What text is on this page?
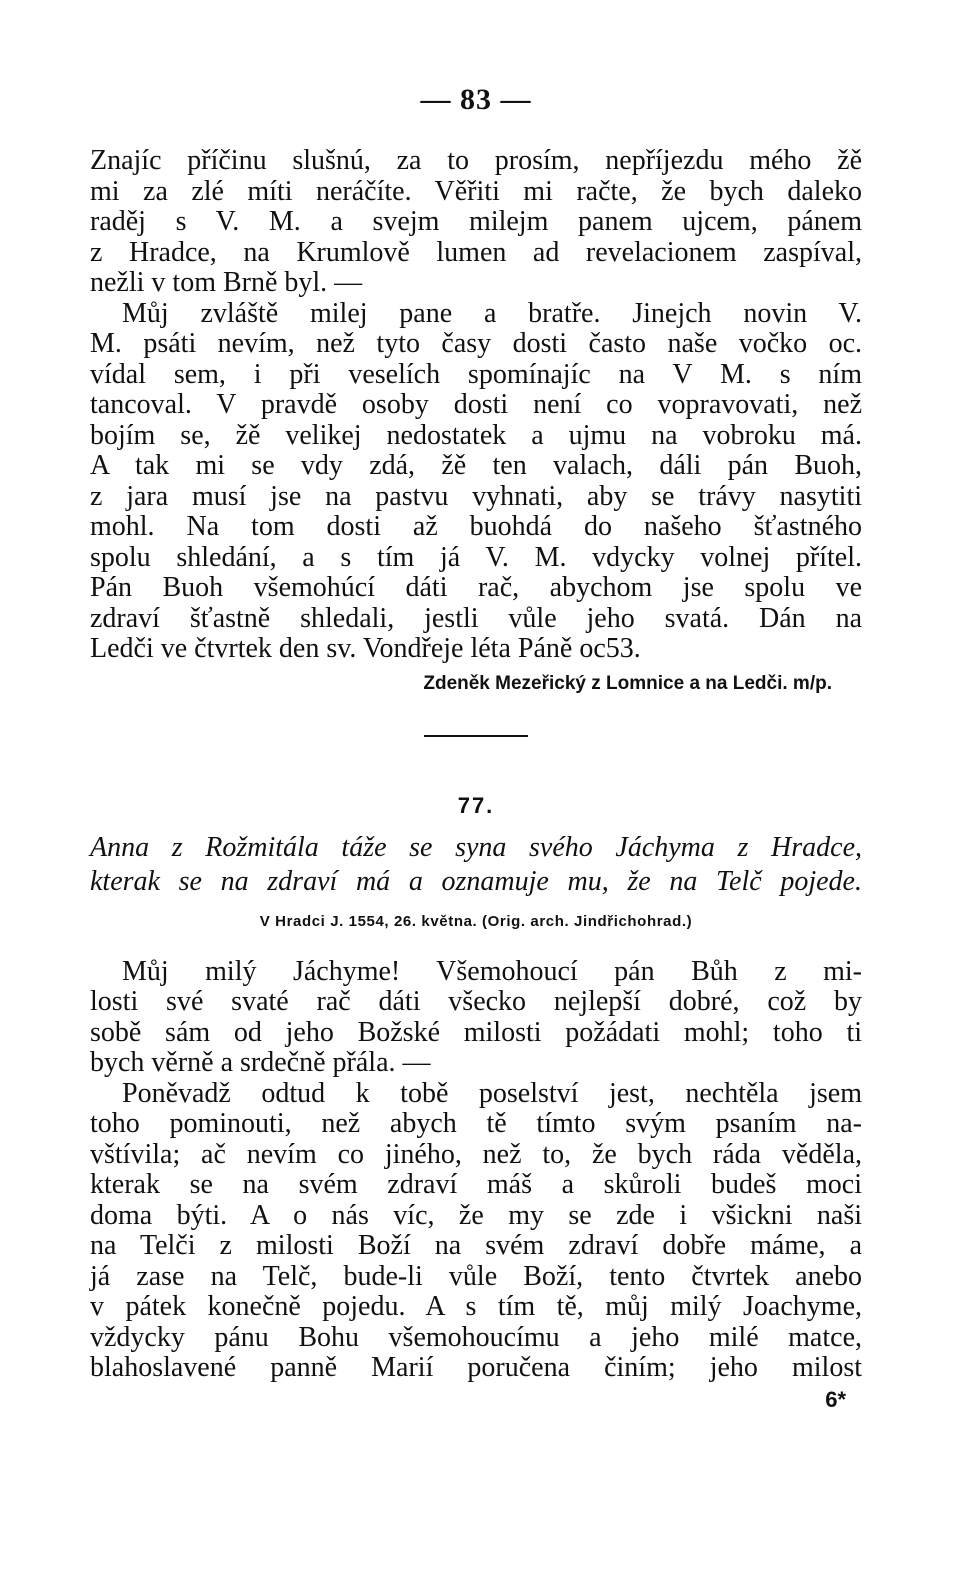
— 83 —
Znajíc příčinu slušnú, za to prosím, nepříjezdu mého žě
mi za zlé míti neráčíte. Věřiti mi račte, že bych daleko
raděj s V. M. a svejm milejm panem ujcem, pánem
z Hradce, na Krumlově lumen ad revelacionem zaspíval,
nežli v tom Brně byl. —
Můj zvláště milej pane a bratře. Jinejch novin V.
M. psáti nevím, než tyto časy dosti často naše vočko oc.
vídal sem, i při veselích spomínajíc na V M. s ním
tancoval. V pravdě osoby dosti není co vopravovati, než
bojím se, žě velikej nedostatek a ujmu na vobroku má.
A tak mi se vdy zdá, žě ten valach, dáli pán Buoh,
z jara musí jse na pastvu vyhnati, aby se trávy nasytiti
mohl. Na tom dosti až buohdá do našeho šťastného
spolu shledání, a s tím já V. M. vdycky volnej přítel.
Pán Buoh všemohúcí dáti rač, abychom jse spolu ve
zdraví šťastně shledali, jestli vůle jeho svatá. Dán na
Ledči ve čtvrtek den sv. Vondřeje léta Páně oc53.
Zdeněk Mezeřický z Lomnice a na Ledči. m/p.
77.
Anna z Rožmitála táže se syna svého Jáchyma z Hradce,
kterak se na zdraví má a oznamuje mu, že na Telč pojede.
V Hradci J. 1554, 26. května. (Orig. arch. Jindřichohrad.)
Můj milý Jáchyme! Všemohoucí pán Bůh z mi-
losti své svaté rač dáti všecko nejlepší dobré, což by
sobě sám od jeho Božské milosti požádati mohl; toho ti
bych věrně a srdečně přála. —
Poněvadž odtud k tobě poselství jest, nechtěla jsem
toho pominouti, než abych tě tímto svým psaním na-
vštívila; ač nevím co jiného, než to, že bych ráda věděla,
kterak se na svém zdraví máš a skůroli budeš moci
doma býti. A o nás víc, že my se zde i všickni naši
na Telči z milosti Boží na svém zdraví dobře máme, a
já zase na Telč, bude-li vůle Boží, tento čtvrtek anebo
v pátek konečně pojedu. A s tím tě, můj milý Joachyme,
vždycky pánu Bohu všemohoucímu a jeho milé matce,
blahoslavené panně Marií poručena činím; jeho milost
6*
